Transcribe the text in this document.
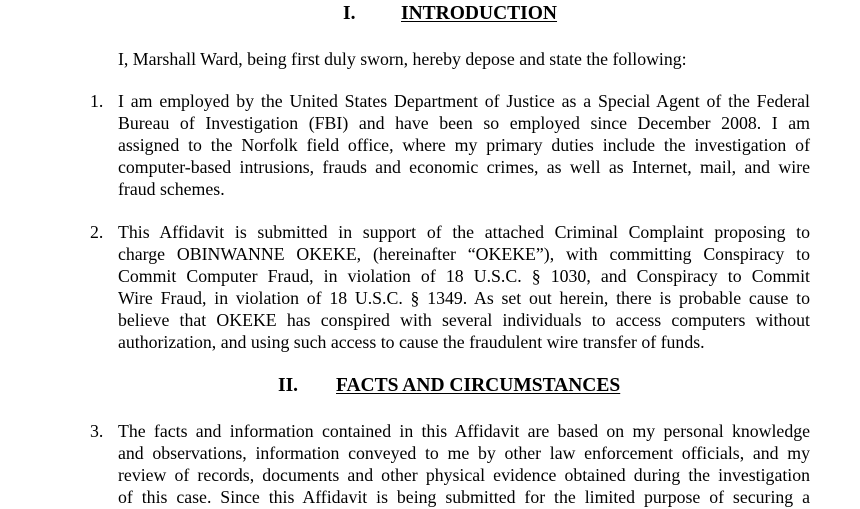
I. INTRODUCTION
I, Marshall Ward, being first duly sworn, hereby depose and state the following:
1. I am employed by the United States Department of Justice as a Special Agent of the Federal
Bureau of Investigation (FBI) and have been so employed since December 2008. I am
assigned to the Norfolk field office, where my primary duties include the investigation of
computer-based intrusions, frauds and economic crimes, as well as Internet, mail, and wire
fraud schemes.
2. This Affidavit is submitted in support of the attached Criminal Complaint proposing to
charge OBINWANNE OKEKE, (hereinafter “OKEKE”), with committing Conspiracy to
Commit Computer Fraud, in violation of 18 U.S.C. § 1030, and Conspiracy to Commit
Wire Fraud, in violation of 18 U.S.C. § 1349. As set out herein, there is probable cause to
believe that OKEKE has conspired with several individuals to access computers without
authorization, and using such access to cause the fraudulent wire transfer of funds.
II. FACTS AND CIRCUMSTANCES
3. The facts and information contained in this Affidavit are based on my personal knowledge
and observations, information conveyed to me by other law enforcement officials, and my
review of records, documents and other physical evidence obtained during the investigation
of this case. Since this Affidavit is being submitted for the limited purpose of securing a
